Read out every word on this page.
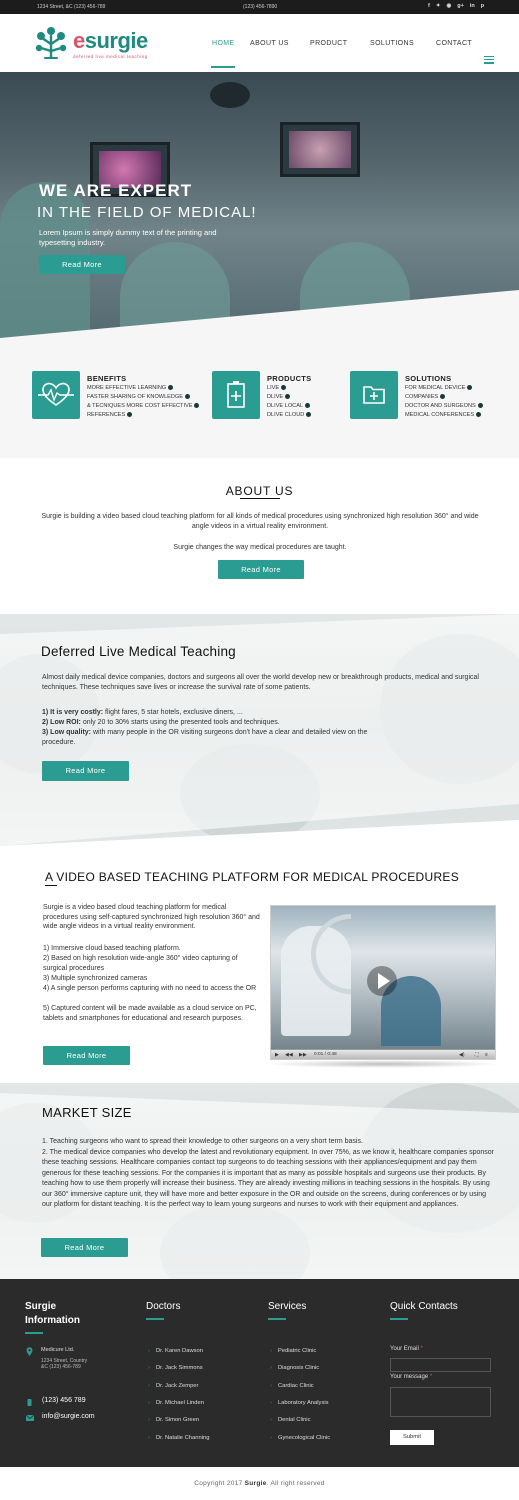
1234 Street, &C (123) 456-789	(123) 456-7890	f ✦ ◉ g+ in p
esurgie
deferred live medical teaching
HOME ABOUT US	PRODUCT	SOLUTIONS	CONTACT
WE ARE EXPERT
IN THE FIELD OF MEDICAL!
Lorem Ipsum is simply dummy text of the printing and typesetting industry.
Read More
BENEFITS
MORE EFFECTIVE LEARNING
FASTER SHARING OF KNOWLEDGE
& TECNIQUES MORE COST EFFECTIVE
REFERENCES
PRODUCTS
LIVE
DLIVE
DLIVE LOCAL
DLIVE CLOUD
SOLUTIONS
FOR MEDICAL DEVICE
COMPANIES
DOCTOR AND SURGEONS
MEDICAL CONFERENCES
ABOUT US
Surgie is building a video based cloud teaching platform for all kinds of medical procedures using synchronized high resolution 360° and wide angle videos in a virtual reality environment.
Surgie changes the way medical procedures are taught.
Read More
Deferred Live Medical Teaching
Almost daily medical device companies, doctors and surgeons all over the world develop new or breakthrough products, medical and surgical techniques. These techniques save lives or increase the survival rate of some patients.
1) It is very costly: flight fares, 5 star hotels, exclusive diners, ...
2) Low ROI: only 20 to 30% starts using the presented tools and techniques.
3) Low quality: with many people in the OR visiting surgeons don't have a clear and detailed view on the procedure.
Read More
A VIDEO BASED TEACHING PLATFORM FOR MEDICAL PROCEDURES
Surgie is a video based cloud teaching platform for medical procedures using self-captured synchronized high resolution 360° and wide angle videos in a virtual reality environment.
1) Immersive cloud based teaching platform.
2) Based on high resolution wide-angle 360° video capturing of surgical procedures
3) Multiple synchronized cameras
4) A single person performs capturing with no need to access the OR
5) Captured content will be made available as a cloud service on PC, tablets and smartphones for educational and research purposes.
Read More	▶ ◀◀ ▶▶ 0:01 / 0:48	◀) ⛶ ≡
MARKET SIZE
1. Teaching surgeons who want to spread their knowledge to other surgeons on a very short term basis.
2. The medical device companies who develop the latest and revolutionary equipment. In over 75%, as we know it, healthcare companies sponsor these teaching sessions. Healthcare companies contact top surgeons to do teaching sessions with their appliances/equipment and pay them generous for these teaching sessions. For the companies it is important that as many as possible hospitals and surgeons use their products. By teaching how to use them properly will increase their business. They are already investing millions in teaching sessions in the hospitals. By using our 360° immersive capture unit, they will have more and better exposure in the OR and outside on the screens, during conferences or by using our platform for distant teaching. It is the perfect way to learn young surgeons and nurses to work with their equipment and appliances.
Read More
Surgie Information
Medicure Ltd.
1234 Street, Country
&C (123) 456-789
(123) 456 789
info@surgie.com
Doctors
› Dr. Karen Dawson
› Dr. Jack Simmons
› Dr. Jack Zemper
› Dr. Michael Linden
› Dr. Simon Green
› Dr. Natalie Channing
Services
› Pediatric Clinic
› Diagnosis Clinic
› Cardiac Clinic
› Laboratory Analysis
› Dental Clinic
› Gynecological Clinic
Quick Contacts
Your Email *
Your message *
Submit
Copyright 2017 Surgie. All right reserved
